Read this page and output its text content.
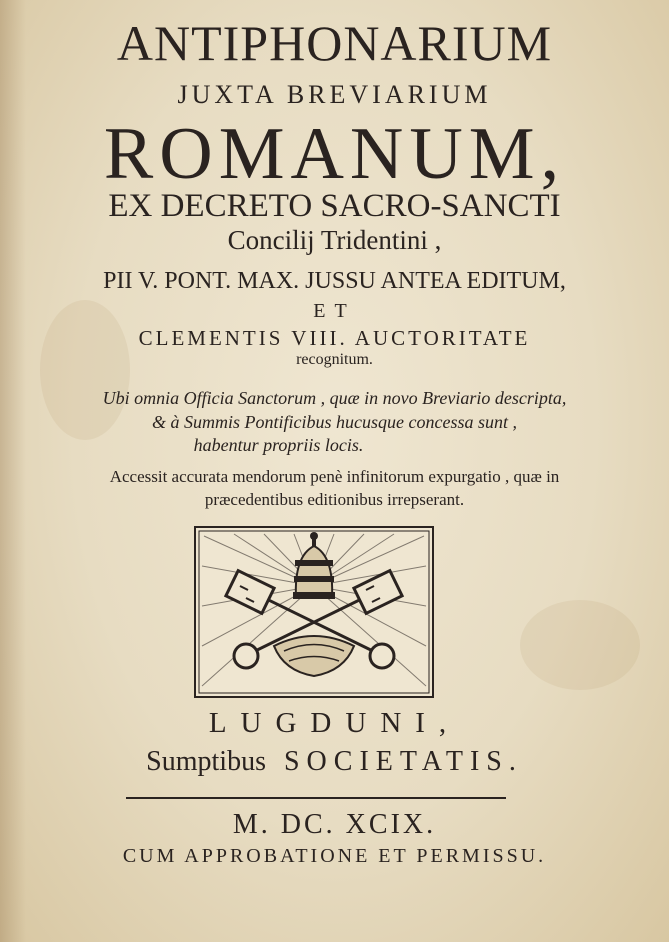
ANTIPHONARIUM
JUXTA BREVIARIUM
ROMANUM,
EX DECRETO SACRO-SANCTI
Concilij Tridentini ,
PII V. PONT. MAX. JUSSU ANTEA EDITUM,
ET
CLEMENTIS VIII. AUCTORITATE
recognitum.
Ubi omnia Officia Sanctorum , quæ in novo Breviario descripta,
& à Summis Pontificibus hucusque concessa sunt ,
habentur propriis locis.
Accessit accurata mendorum penè infinitorum expurgatio , quæ in
præcedentibus editionibus irrepserant.
LUGDUNI,
Sumptibus SOCIETATIS.
M. DC. XCIX.
CUM APPROBATIONE ET PERMISSU.
